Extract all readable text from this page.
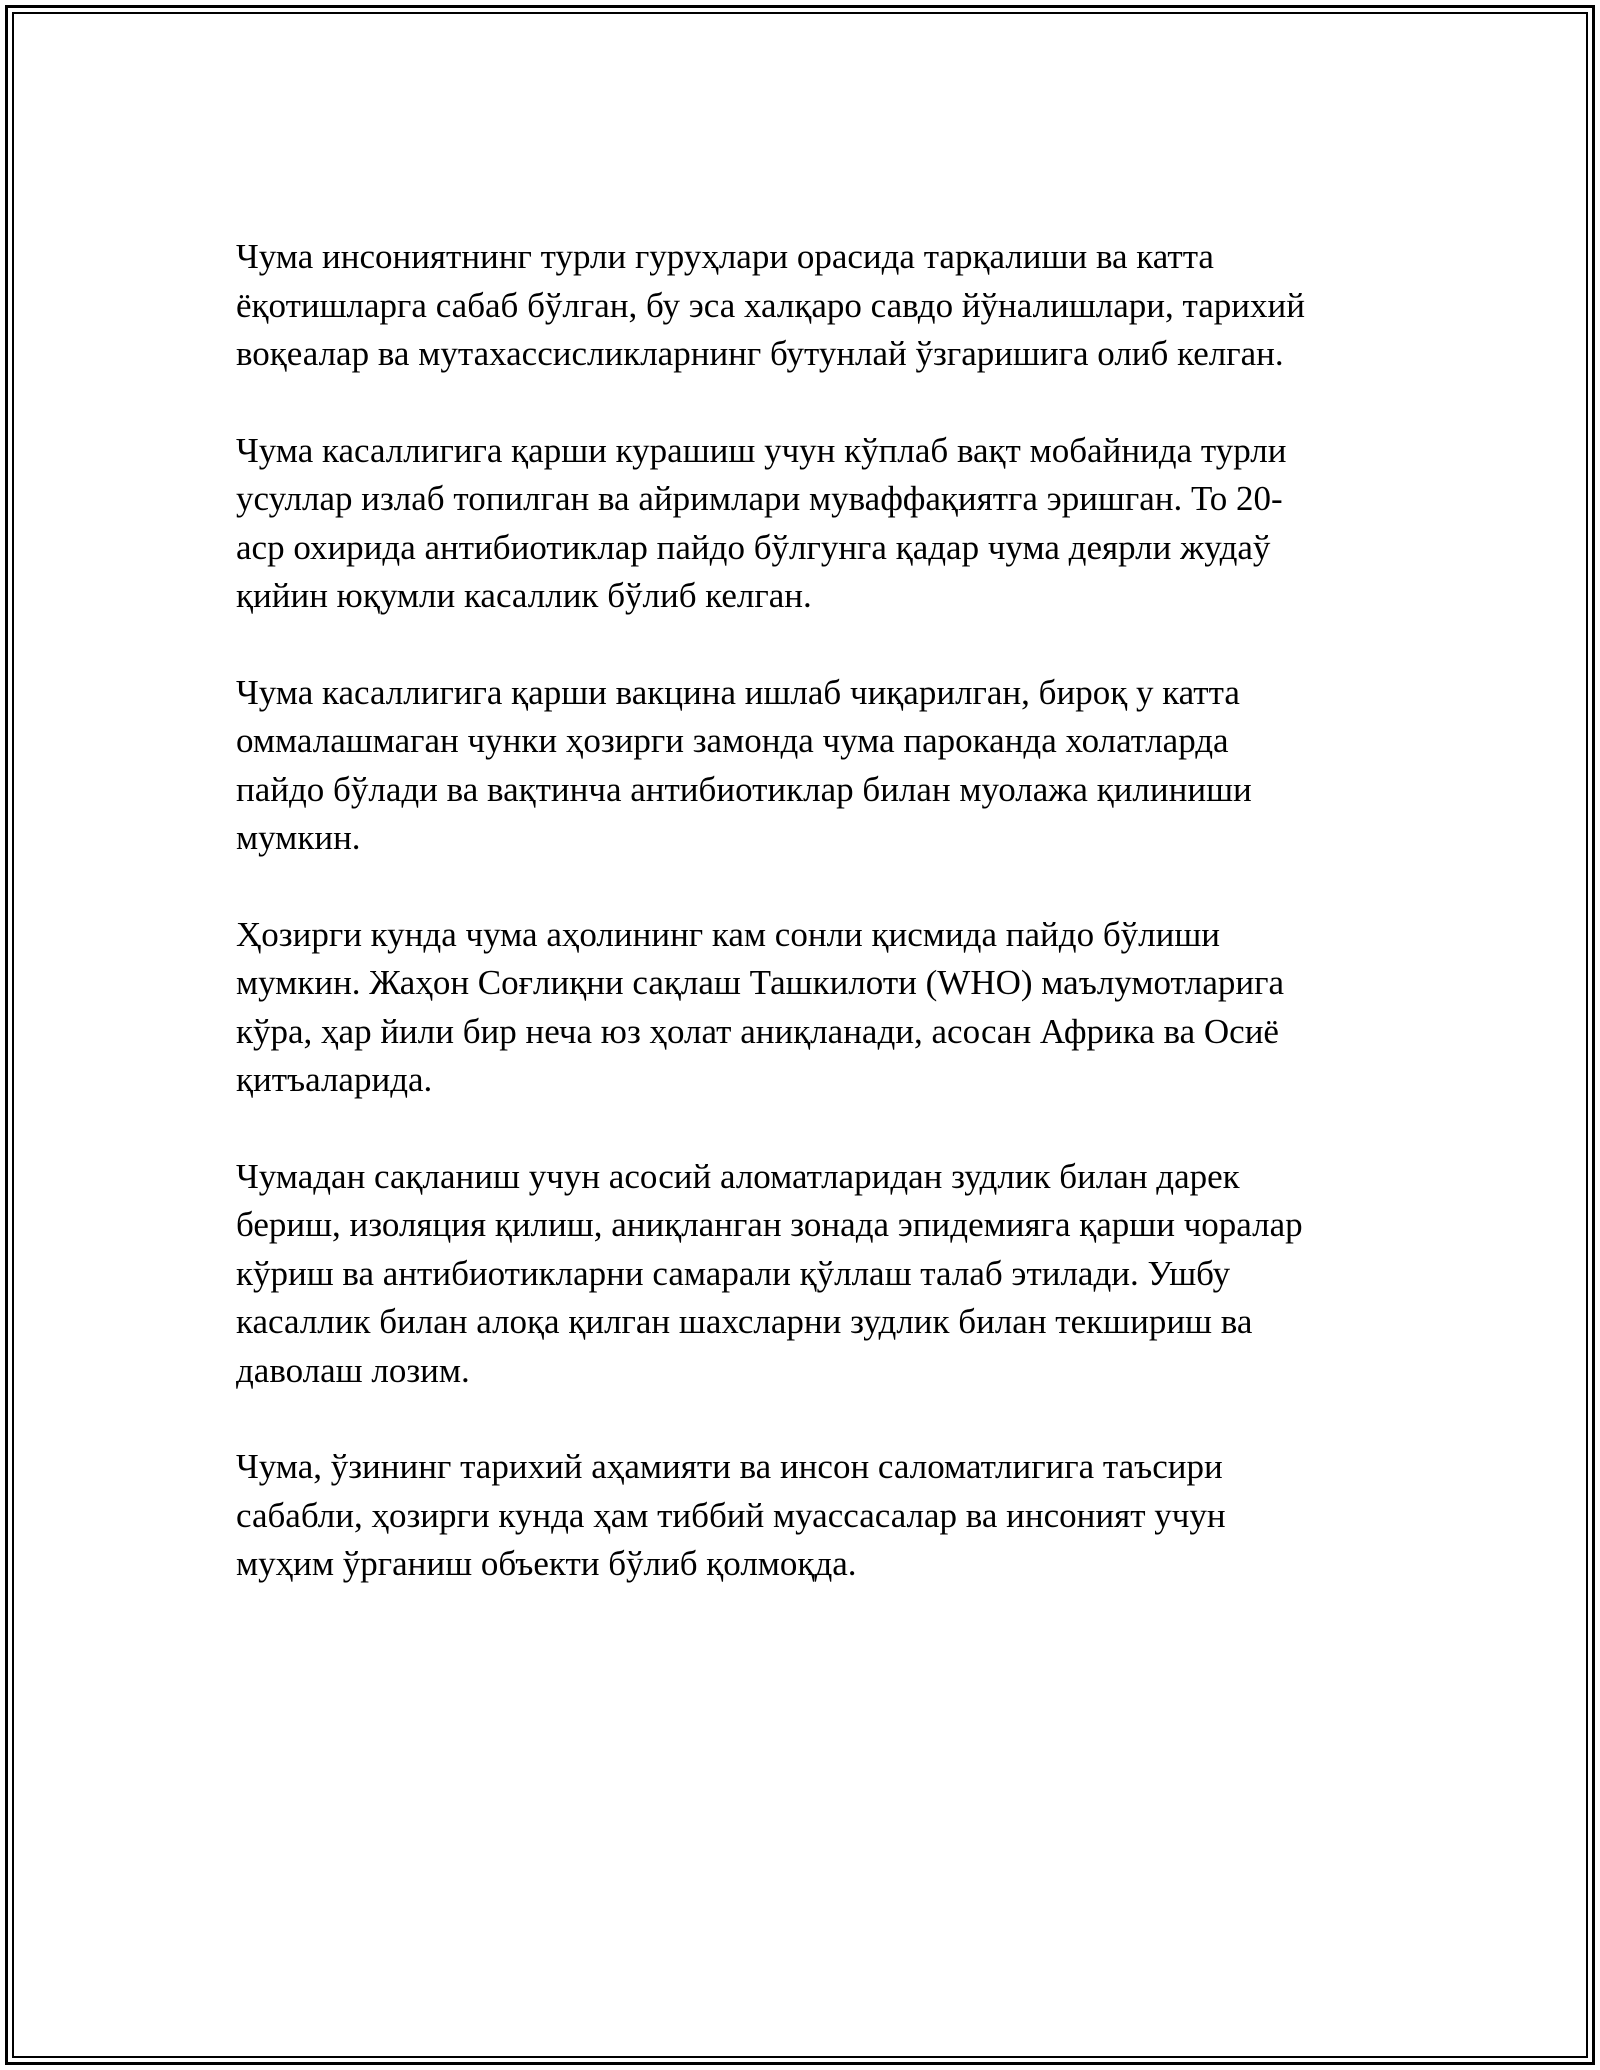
Чума инсониятнинг турли гуруҳлари орасида тарқалиши ва катта
ёқотишларга сабаб бўлган, бу эса халқаро савдо йўналишлари, тарихий
воқеалар ва мутахассисликларнинг бутунлай ўзгаришига олиб келган.

Чума касаллигига қарши курашиш учун кўплаб вақт мобайнида турли
усуллар излаб топилган ва айримлари муваффақиятга эришган. То 20-
аср охирида антибиотиклар пайдо бўлгунга қадар чума деярли жудаў
қийин юқумли касаллик бўлиб келган.

Чума касаллигига қарши вакцина ишлаб чиқарилган, бироқ у катта
оммалашмаган чунки ҳозирги замонда чума пароканда холатларда
пайдо бўлади ва вақтинча антибиотиклар билан муолажа қилиниши
мумкин.

Ҳозирги кунда чума аҳолининг кам сонли қисмида пайдо бўлиши
мумкин. Жаҳон Соғлиқни сақлаш Ташкилоти (WHO) маълумотларига
кўра, ҳар йили бир неча юз ҳолат аниқланади, асосан Африка ва Осиё
қитъаларида.

Чумадан сақланиш учун асосий аломатларидан зудлик билан дарек
бериш, изоляция қилиш, аниқланган зонада эпидемияга қарши чоралар
кўриш ва антибиотикларни самарали қўллаш талаб этилади. Ушбу
касаллик билан алоқа қилган шахсларни зудлик билан текшириш ва
даволаш лозим.

Чума, ўзининг тарихий аҳамияти ва инсон саломатлигига таъсири
сабабли, ҳозирги кунда ҳам тиббий муассасалар ва инсоният учун
муҳим ўрганиш объекти бўлиб қолмоқда.
